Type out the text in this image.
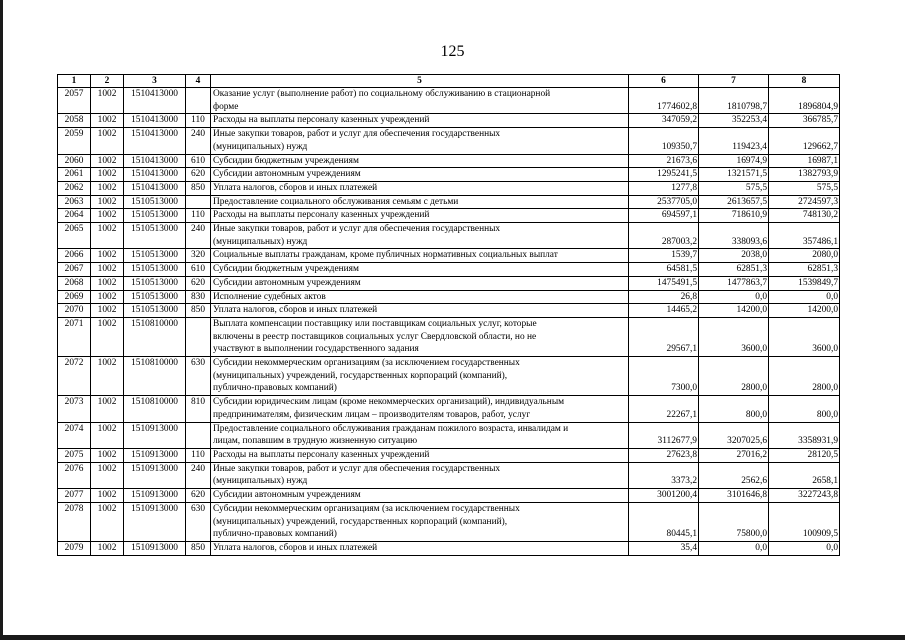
125
1	2	3	4	5	6	7	8
2057	1002	1510413000		Оказание услуг (выполнение работ) по социальному обслуживанию в стационарной
форме	1774602,8	1810798,7	1896804,9
2058	1002	1510413000	110	Расходы на выплаты персоналу казенных учреждений	347059,2	352253,4	366785,7
2059	1002	1510413000	240	Иные закупки товаров, работ и услуг для обеспечения государственных
(муниципальных) нужд	109350,7	119423,4	129662,7
2060	1002	1510413000	610	Субсидии бюджетным учреждениям	21673,6	16974,9	16987,1
2061	1002	1510413000	620	Субсидии автономным учреждениям	1295241,5	1321571,5	1382793,9
2062	1002	1510413000	850	Уплата налогов, сборов и иных платежей	1277,8	575,5	575,5
2063	1002	1510513000		Предоставление социального обслуживания семьям с детьми	2537705,0	2613657,5	2724597,3
2064	1002	1510513000	110	Расходы на выплаты персоналу казенных учреждений	694597,1	718610,9	748130,2
2065	1002	1510513000	240	Иные закупки товаров, работ и услуг для обеспечения государственных
(муниципальных) нужд	287003,2	338093,6	357486,1
2066	1002	1510513000	320	Социальные выплаты гражданам, кроме публичных нормативных социальных выплат	1539,7	2038,0	2080,0
2067	1002	1510513000	610	Субсидии бюджетным учреждениям	64581,5	62851,3	62851,3
2068	1002	1510513000	620	Субсидии автономным учреждениям	1475491,5	1477863,7	1539849,7
2069	1002	1510513000	830	Исполнение судебных актов	26,8	0,0	0,0
2070	1002	1510513000	850	Уплата налогов, сборов и иных платежей	14465,2	14200,0	14200,0
2071	1002	1510810000		Выплата компенсации поставщику или поставщикам социальных услуг, которые
включены в реестр поставщиков социальных услуг Свердловской области, но не
участвуют в выполнении государственного задания	29567,1	3600,0	3600,0
2072	1002	1510810000	630	Субсидии некоммерческим организациям (за исключением государственных
(муниципальных) учреждений, государственных корпораций (компаний),
публично-правовых компаний)	7300,0	2800,0	2800,0
2073	1002	1510810000	810	Субсидии юридическим лицам (кроме некоммерческих организаций), индивидуальным
предпринимателям, физическим лицам – производителям товаров, работ, услуг	22267,1	800,0	800,0
2074	1002	1510913000		Предоставление социального обслуживания гражданам пожилого возраста, инвалидам и
лицам, попавшим в трудную жизненную ситуацию	3112677,9	3207025,6	3358931,9
2075	1002	1510913000	110	Расходы на выплаты персоналу казенных учреждений	27623,8	27016,2	28120,5
2076	1002	1510913000	240	Иные закупки товаров, работ и услуг для обеспечения государственных
(муниципальных) нужд	3373,2	2562,6	2658,1
2077	1002	1510913000	620	Субсидии автономным учреждениям	3001200,4	3101646,8	3227243,8
2078	1002	1510913000	630	Субсидии некоммерческим организациям (за исключением государственных
(муниципальных) учреждений, государственных корпораций (компаний),
публично-правовых компаний)	80445,1	75800,0	100909,5
2079	1002	1510913000	850	Уплата налогов, сборов и иных платежей	35,4	0,0	0,0
